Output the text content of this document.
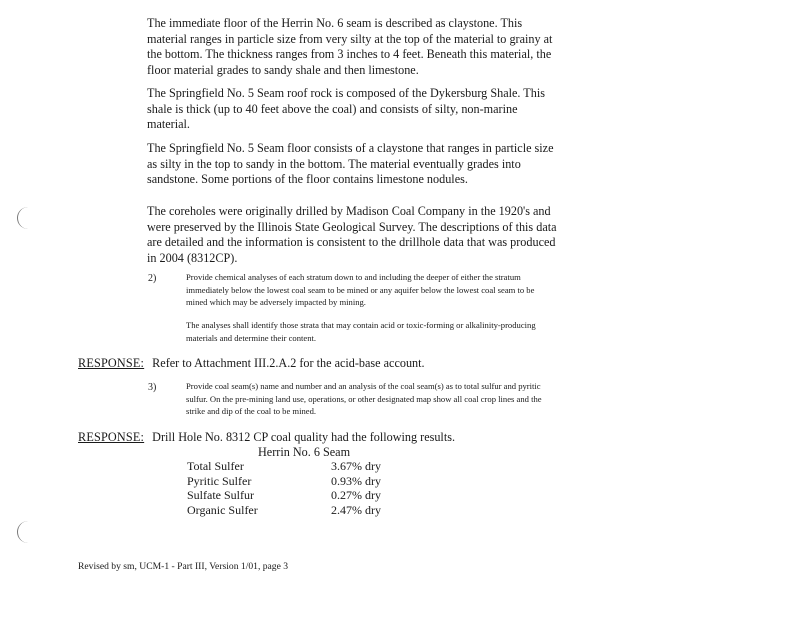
The immediate floor of the Herrin No. 6 seam is described as claystone. This material ranges in particle size from very silty at the top of the material to grainy at the bottom. The thickness ranges from 3 inches to 4 feet. Beneath this material, the floor material grades to sandy shale and then limestone.

The Springfield No. 5 Seam roof rock is composed of the Dykersburg Shale. This shale is thick (up to 40 feet above the coal) and consists of silty, non-marine material.

The Springfield No. 5 Seam floor consists of a claystone that ranges in particle size as silty in the top to sandy in the bottom. The material eventually grades into sandstone. Some portions of the floor contains limestone nodules.

The coreholes were originally drilled by Madison Coal Company in the 1920's and were preserved by the Illinois State Geological Survey. The descriptions of this data are detailed and the information is consistent to the drillhole data that was produced in 2004 (8312CP).

2)	Provide chemical analyses of each stratum down to and including the deeper of either the stratum immediately below the lowest coal seam to be mined or any aquifer below the lowest coal seam to be mined which may be adversely impacted by mining.

The analyses shall identify those strata that may contain acid or toxic-forming or alkalinity-producing materials and determine their content.

RESPONSE: Refer to Attachment III.2.A.2 for the acid-base account.
3)	Provide coal seam(s) name and number and an analysis of the coal seam(s) as to total sulfur and pyritic sulfur. On the pre-mining land use, operations, or other designated map show all coal crop lines and the strike and dip of the coal to be mined.

RESPONSE: Drill Hole No. 8312 CP coal quality had the following results.
Herrin No. 6 Seam
Total Sulfer	3.67% dry
Pyritic Sulfer	0.93% dry
Sulfate Sulfur	0.27% dry
Organic Sulfer	2.47% dry
Revised by sm, UCM-1 - Part III, Version 1/01, page 3
